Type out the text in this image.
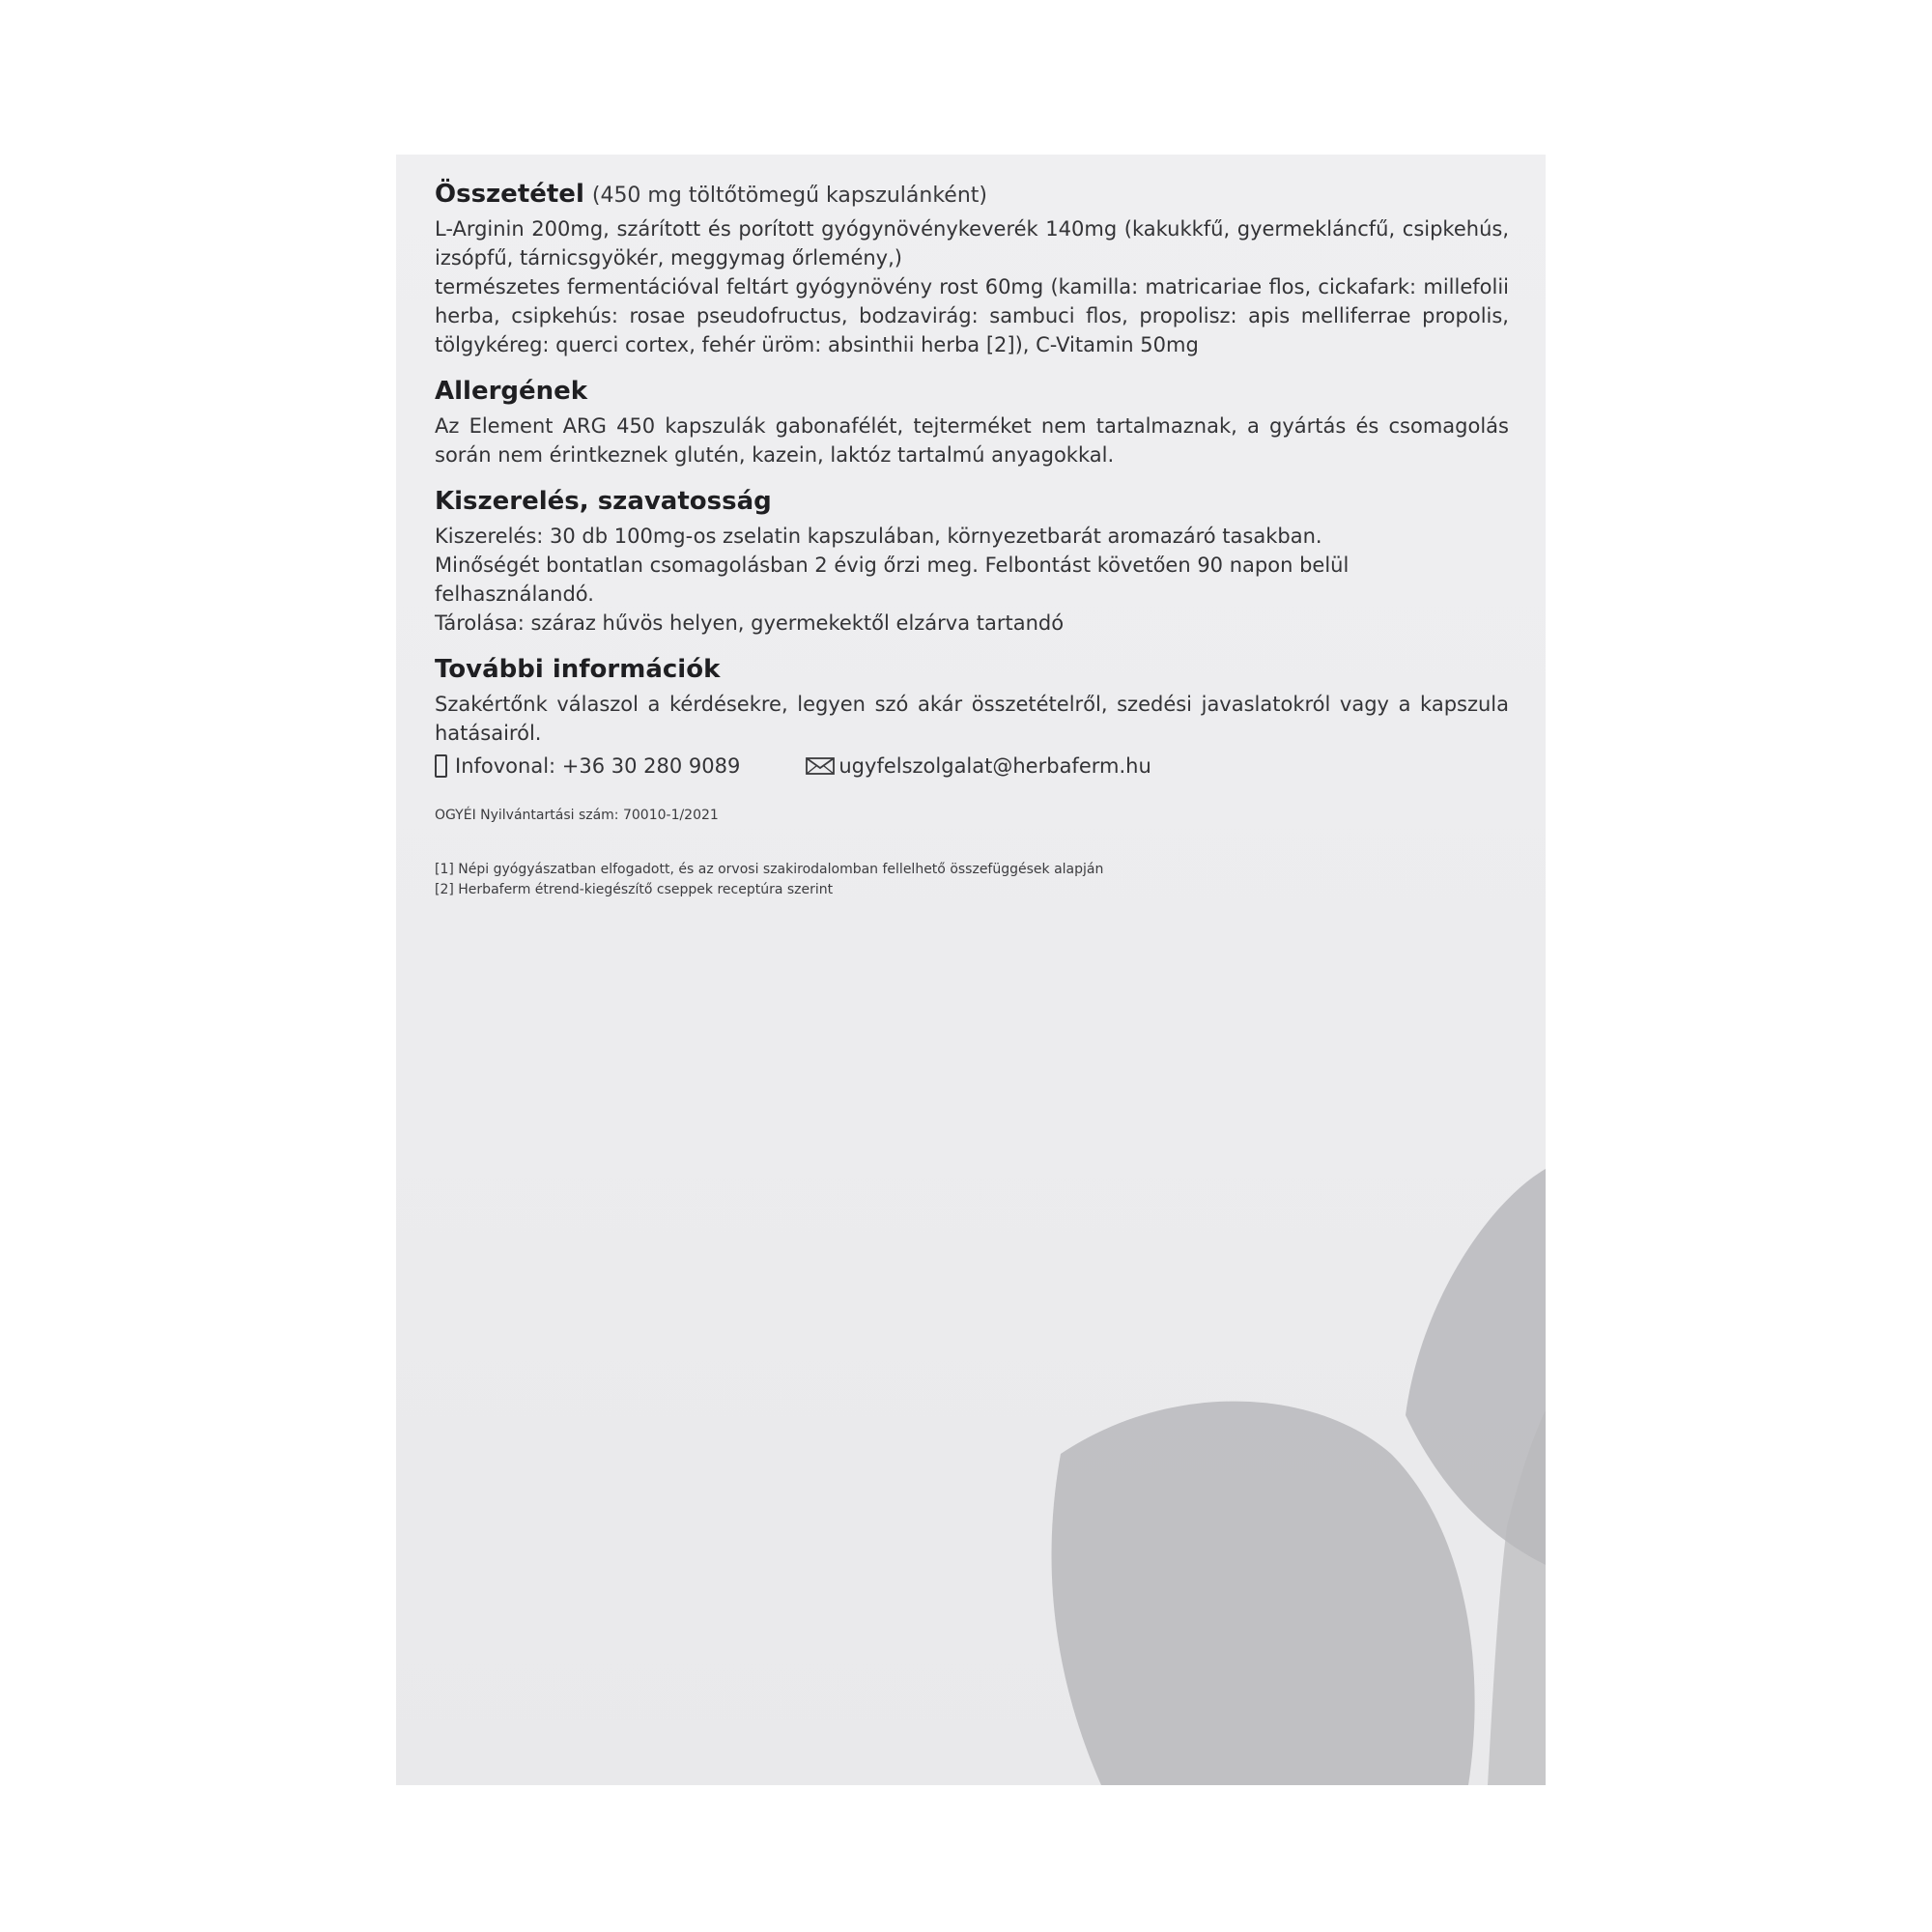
Összetétel (450 mg töltőtömegű kapszulánként)

L-Arginin 200mg, szárított és porított gyógynövénykeverék 140mg (kakukkfű, gyermekláncfű, csipkehús, izsópfű, tárnicsgyökér, meggymag őrlemény,)

természetes fermentációval feltárt gyógynövény rost 60mg (kamilla: matricariae flos, cickafark: millefolii herba, csipkehús: rosae pseudofructus, bodzavirág: sambuci flos, propolisz: apis melliferrae propolis, tölgykéreg: querci cortex, fehér üröm: absinthii herba [2]), C-Vitamin 50mg

Allergének

Az Element ARG 450 kapszulák gabonafélét, tejterméket nem tartalmaznak, a gyártás és csomagolás során nem érintkeznek glutén, kazein, laktóz tartalmú anyagokkal.

Kiszerelés, szavatosság

Kiszerelés: 30 db 100mg-os zselatin kapszulában, környezetbarát aromazáró tasakban.

Minőségét bontatlan csomagolásban 2 évig őrzi meg. Felbontást követően 90 napon belül felhasználandó.

Tárolása: száraz hűvös helyen, gyermekektől elzárva tartandó

További információk

Szakértőnk válaszol a kérdésekre, legyen szó akár összetételről, szedési javaslatokról vagy a kapszula hatásairól.

Infovonal: +36 30 280 9089	ugyfelszolgalat@herbaferm.hu

OGYÉI Nyilvántartási szám: 70010-1/2021

[1] Népi gyógyászatban elfogadott, és az orvosi szakirodalomban fellelhető összefüggések alapján
[2] Herbaferm étrend-kiegészítő cseppek receptúra szerint
